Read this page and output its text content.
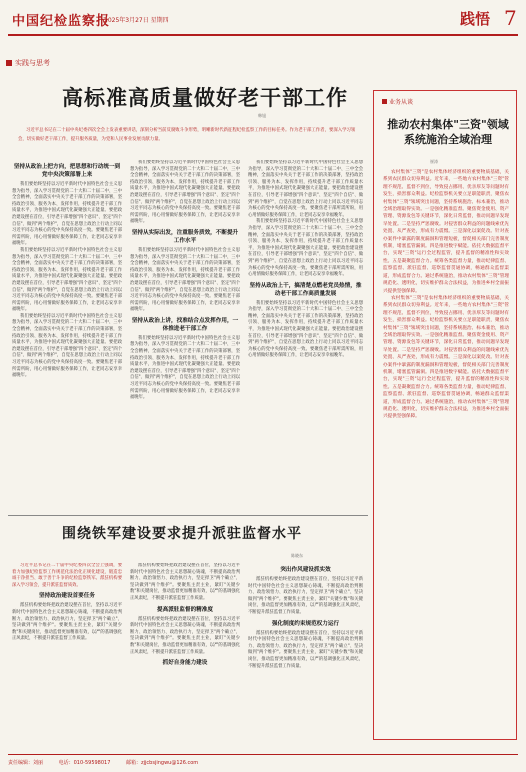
中国纪检监察报
2025年3月27日 星期四	践悟 7
实践与思考
高标准高质量做好老干部工作
韩旭
习近平总书记在二十届中央纪委四次全会上发表重要讲话，深刻分析当前反腐败斗争形势，明晰新时代新征程纪检监察工作的目标任务。作为老干部工作者，要深入学习领会，切实做好老干部工作，提升服务质量，为党和人民事业发展贡献力量。
坚持从政治上把方向，把思想和行动统一到党中央决策部署上来
我们要始终坚持以习近平新时代中国特色社会主义思想为指导，深入学习贯彻党的二十大和二十届二中、三中全会精神，全面落实中央关于老干部工作的决策部署，坚持政治引领、服务为本、发挥作用，持续提升老干部工作质量水平，为推进中国式现代化凝聚强大正能量。要把政治建设摆在首位，引导老干部增强"四个意识"、坚定"四个自信"、做到"两个维护"，自觉在思想上政治上行动上同以习近平同志为核心的党中央保持高度一致。要聚焦老干部所需所盼，用心用情做好服务保障工作，让老同志安享幸福晚年。
我们要始终坚持以习近平新时代中国特色社会主义思想为指导，深入学习贯彻党的二十大和二十届二中、三中全会精神，全面落实中央关于老干部工作的决策部署，坚持政治引领、服务为本、发挥作用，持续提升老干部工作质量水平，为推进中国式现代化凝聚强大正能量。要把政治建设摆在首位，引导老干部增强"四个意识"、坚定"四个自信"、做到"两个维护"，自觉在思想上政治上行动上同以习近平同志为核心的党中央保持高度一致。要聚焦老干部所需所盼，用心用情做好服务保障工作，让老同志安享幸福晚年。
我们要始终坚持以习近平新时代中国特色社会主义思想为指导，深入学习贯彻党的二十大和二十届二中、三中全会精神，全面落实中央关于老干部工作的决策部署，坚持政治引领、服务为本、发挥作用，持续提升老干部工作质量水平，为推进中国式现代化凝聚强大正能量。要把政治建设摆在首位，引导老干部增强"四个意识"、坚定"四个自信"、做到"两个维护"，自觉在思想上政治上行动上同以习近平同志为核心的党中央保持高度一致。要聚焦老干部所需所盼，用心用情做好服务保障工作，让老同志安享幸福晚年。
我们要始终坚持以习近平新时代中国特色社会主义思想为指导，深入学习贯彻党的二十大和二十届二中、三中全会精神，全面落实中央关于老干部工作的决策部署，坚持政治引领、服务为本、发挥作用，持续提升老干部工作质量水平，为推进中国式现代化凝聚强大正能量。要把政治建设摆在首位，引导老干部增强"四个意识"、坚定"四个自信"、做到"两个维护"，自觉在思想上政治上行动上同以习近平同志为核心的党中央保持高度一致。要聚焦老干部所需所盼，用心用情做好服务保障工作，让老同志安享幸福晚年。
坚持从实际出发，注重服务质效，不断提升工作水平
我们要始终坚持以习近平新时代中国特色社会主义思想为指导，深入学习贯彻党的二十大和二十届二中、三中全会精神，全面落实中央关于老干部工作的决策部署，坚持政治引领、服务为本、发挥作用，持续提升老干部工作质量水平，为推进中国式现代化凝聚强大正能量。要把政治建设摆在首位，引导老干部增强"四个意识"、坚定"四个自信"、做到"两个维护"，自觉在思想上政治上行动上同以习近平同志为核心的党中央保持高度一致。要聚焦老干部所需所盼，用心用情做好服务保障工作，让老同志安享幸福晚年。
坚持从政治上讲，找准结合点发挥作用，一体推进老干部工作
我们要始终坚持以习近平新时代中国特色社会主义思想为指导，深入学习贯彻党的二十大和二十届二中、三中全会精神，全面落实中央关于老干部工作的决策部署，坚持政治引领、服务为本、发挥作用，持续提升老干部工作质量水平，为推进中国式现代化凝聚强大正能量。要把政治建设摆在首位，引导老干部增强"四个意识"、坚定"四个自信"、做到"两个维护"，自觉在思想上政治上行动上同以习近平同志为核心的党中央保持高度一致。要聚焦老干部所需所盼，用心用情做好服务保障工作，让老同志安享幸福晚年。
我们要始终坚持以习近平新时代中国特色社会主义思想为指导，深入学习贯彻党的二十大和二十届二中、三中全会精神，全面落实中央关于老干部工作的决策部署，坚持政治引领、服务为本、发挥作用，持续提升老干部工作质量水平，为推进中国式现代化凝聚强大正能量。要把政治建设摆在首位，引导老干部增强"四个意识"、坚定"四个自信"、做到"两个维护"，自觉在思想上政治上行动上同以习近平同志为核心的党中央保持高度一致。要聚焦老干部所需所盼，用心用情做好服务保障工作，让老同志安享幸福晚年。
我们要始终坚持以习近平新时代中国特色社会主义思想为指导，深入学习贯彻党的二十大和二十届二中、三中全会精神，全面落实中央关于老干部工作的决策部署，坚持政治引领、服务为本、发挥作用，持续提升老干部工作质量水平，为推进中国式现代化凝聚强大正能量。要把政治建设摆在首位，引导老干部增强"四个意识"、坚定"四个自信"、做到"两个维护"，自觉在思想上政治上行动上同以习近平同志为核心的党中央保持高度一致。要聚焦老干部所需所盼，用心用情做好服务保障工作，让老同志安享幸福晚年。
坚持从政治上干，搞清楚点燃老党员热情，推动老干部工作高质量发展
我们要始终坚持以习近平新时代中国特色社会主义思想为指导，深入学习贯彻党的二十大和二十届二中、三中全会精神，全面落实中央关于老干部工作的决策部署，坚持政治引领、服务为本、发挥作用，持续提升老干部工作质量水平，为推进中国式现代化凝聚强大正能量。要把政治建设摆在首位，引导老干部增强"四个意识"、坚定"四个自信"、做到"两个维护"，自觉在思想上政治上行动上同以习近平同志为核心的党中央保持高度一致。要聚焦老干部所需所盼，用心用情做好服务保障工作，让老同志安享幸福晚年。
围绕铁军建设要求提升派驻监督水平
陈晓东
习近平总书记在二十届中央纪委四次全会上强调，要着力加强纪检监察工作规范化法治化正规化建设，锻造忠诚干净担当、敢于善于斗争的纪检监察铁军。派驻机构要深入学习领会，提升派驻监督质效。
坚持政治建设首要任务
派驻机构要始终把政治建设摆在首位，坚持以习近平新时代中国特色社会主义思想凝心铸魂，不断提高政治判断力、政治领悟力、政治执行力，坚定捍卫"两个确立"、坚决做到"两个维护"。要聚焦主责主业，紧盯"关键少数"和关键岗位，推动监督更加精准有效，以严的基调强化正风肃纪，不断提升派驻监督工作质量。
派驻机构要始终把政治建设摆在首位，坚持以习近平新时代中国特色社会主义思想凝心铸魂，不断提高政治判断力、政治领悟力、政治执行力，坚定捍卫"两个确立"、坚决做到"两个维护"。要聚焦主责主业，紧盯"关键少数"和关键岗位，推动监督更加精准有效，以严的基调强化正风肃纪，不断提升派驻监督工作质量。
提高派驻监督的精准度
派驻机构要始终把政治建设摆在首位，坚持以习近平新时代中国特色社会主义思想凝心铸魂，不断提高政治判断力、政治领悟力、政治执行力，坚定捍卫"两个确立"、坚决做到"两个维护"。要聚焦主责主业，紧盯"关键少数"和关键岗位，推动监督更加精准有效，以严的基调强化正风肃纪，不断提升派驻监督工作质量。
抓好自身能力建设
突出作风建设抓实效
派驻机构要始终把政治建设摆在首位，坚持以习近平新时代中国特色社会主义思想凝心铸魂，不断提高政治判断力、政治领悟力、政治执行力，坚定捍卫"两个确立"、坚决做到"两个维护"。要聚焦主责主业，紧盯"关键少数"和关键岗位，推动监督更加精准有效，以严的基调强化正风肃纪，不断提升派驻监督工作质量。
强化制度约束规范权力运行
派驻机构要始终把政治建设摆在首位，坚持以习近平新时代中国特色社会主义思想凝心铸魂，不断提高政治判断力、政治领悟力、政治执行力，坚定捍卫"两个确立"、坚决做到"两个维护"。要聚焦主责主业，紧盯"关键少数"和关键岗位，推动监督更加精准有效，以严的基调强化正风肃纪，不断提升派驻监督工作质量。
业务从谈
推动农村集体"三资"领域系统施治全域治理
崔涛
农村集体"三资"是农村集体经济组织的重要物质基础，关系到农民群众切身利益。近年来，一些地方农村集体"三资"管理不规范、监督不到位，导致侵占挪用、优亲厚友等问题时有发生，损害群众利益。纪检监察机关要立足职能职责，聚焦农村集体"三资"领域突出问题，坚持系统施治、标本兼治，推动全域治理取得实效。一是强化精准监督。聚焦资金使用、资产管理、资源发包等关键环节，深化日常监督，推动问题早发现早处置。二是坚持严惩腐败。对侵害群众利益的问题线索优先处置、从严查处，形成有力震慑。三是深化以案促改。针对查办案件中暴露的制度漏洞和管理短板，督促相关部门完善制度机制，堵塞监管漏洞。四是推进数字赋能。依托大数据监督平台，实现"三资"运行全过程监管，提升监督的精准性和实效性。五是凝聚监督合力。统筹各类监督力量，推动纪律监督、监察监督、派驻监督、巡察监督贯通协调，畅通群众监督渠道，形成监督合力。通过系统施治，推动农村集体"三资"管理规范化、透明化，切实维护群众合法权益，为推进乡村全面振兴提供坚强保障。
农村集体"三资"是农村集体经济组织的重要物质基础，关系到农民群众切身利益。近年来，一些地方农村集体"三资"管理不规范、监督不到位，导致侵占挪用、优亲厚友等问题时有发生，损害群众利益。纪检监察机关要立足职能职责，聚焦农村集体"三资"领域突出问题，坚持系统施治、标本兼治，推动全域治理取得实效。一是强化精准监督。聚焦资金使用、资产管理、资源发包等关键环节，深化日常监督，推动问题早发现早处置。二是坚持严惩腐败。对侵害群众利益的问题线索优先处置、从严查处，形成有力震慑。三是深化以案促改。针对查办案件中暴露的制度漏洞和管理短板，督促相关部门完善制度机制，堵塞监管漏洞。四是推进数字赋能。依托大数据监督平台，实现"三资"运行全过程监管，提升监督的精准性和实效性。五是凝聚监督合力。统筹各类监督力量，推动纪律监督、监察监督、派驻监督、巡察监督贯通协调，畅通群众监督渠道，形成监督合力。通过系统施治，推动农村集体"三资"管理规范化、透明化，切实维护群众合法权益，为推进乡村全面振兴提供坚强保障。
责任编辑：刘丽	电话：010-59598017	邮箱：zjjcbsjingwu@126.com
